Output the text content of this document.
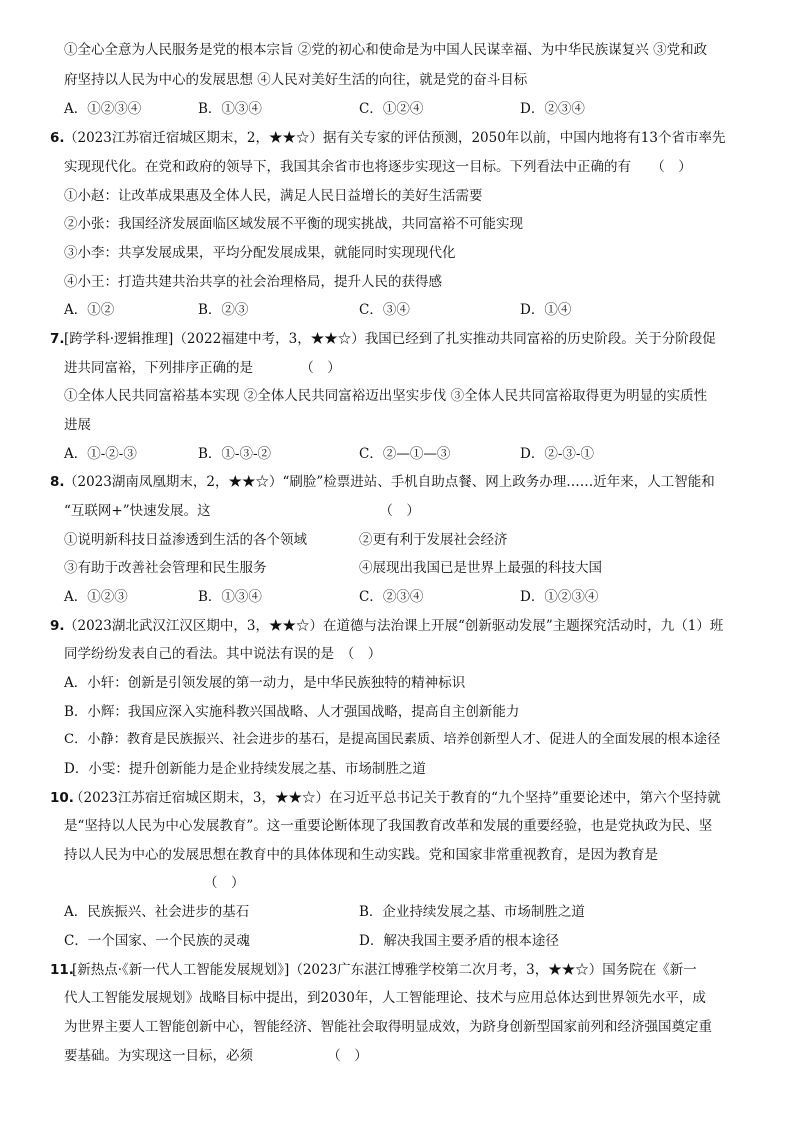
①全心全意为人民服务是党的根本宗旨 ②党的初心和使命是为中国人民谋幸福、为中华民族谋复兴 ③党和政
府坚持以人民为中心的发展思想 ④人民对美好生活的向往，就是党的奋斗目标
A．①②③④	B．①③④	C．①②④	D．②③④
6. （2023江苏宿迁宿城区期末，2，★★☆）据有关专家的评估预测，2050年以前，中国内地将有13个省市率先
实现现代化。在党和政府的领导下，我国其余省市也将逐步实现这一目标。下列看法中正确的有　　（　）
①小赵：让改革成果惠及全体人民，满足人民日益增长的美好生活需要
②小张：我国经济发展面临区域发展不平衡的现实挑战，共同富裕不可能实现
③小李：共享发展成果，平均分配发展成果，就能同时实现现代化
④小王：打造共建共治共享的社会治理格局，提升人民的获得感
A．①②	B．②③	C．③④	D．①④
7. [跨学科·逻辑推理]（2022福建中考，3，★★☆）我国已经到了扎实推动共同富裕的历史阶段。关于分阶段促
进共同富裕，下列排序正确的是　　　　（　）
①全体人民共同富裕基本实现 ②全体人民共同富裕迈出坚实步伐 ③全体人民共同富裕取得更为明显的实质性
进展
A．①-②-③	B．①-③-②	C．②—①—③	D．②-③-①
8. （2023湖南凤凰期末，2，★★☆）“刷脸”检票进站、手机自助点餐、网上政务办理……近年来，人工智能和
“互联网+”快速发展。这　　　　　　　　　　　　　（　）
①说明新科技日益渗透到生活的各个领域	②更有利于发展社会经济
③有助于改善社会管理和民生服务	④展现出我国已是世界上最强的科技大国
A．①②③	B．①③④	C．②③④	D．①②③④
9. （2023湖北武汉江汉区期中，3，★★☆）在道德与法治课上开展“创新驱动发展”主题探究活动时，九（1）班
同学纷纷发表自己的看法。其中说法有误的是　（　）
A．小轩：创新是引领发展的第一动力，是中华民族独特的精神标识
B．小辉：我国应深入实施科教兴国战略、人才强国战略，提高自主创新能力
C．小静：教育是民族振兴、社会进步的基石，是提高国民素质、培养创新型人才、促进人的全面发展的根本途径
D．小雯：提升创新能力是企业持续发展之基、市场制胜之道
10.
（2023江苏宿迁宿城区期末，3，★★☆）在习近平总书记关于教育的“九个坚持”重要论述中，第六个坚持就
是“坚持以人民为中心发展教育”。这一重要论断体现了我国教育改革和发展的重要经验，也是党执政为民、坚
持以人民为中心的发展思想在教育中的具体体现和生动实践。党和国家非常重视教育，是因为教育是
（　）
A．民族振兴、社会进步的基石	B．企业持续发展之基、市场制胜之道
C．一个国家、一个民族的灵魂	D．解决我国主要矛盾的根本途径
11.
[新热点·《新一代人工智能发展规划》]（2023广东湛江博雅学校第二次月考，3，★★☆）国务院在《新一
代人工智能发展规划》战略目标中提出，到2030年，人工智能理论、技术与应用总体达到世界领先水平，成
为世界主要人工智能创新中心，智能经济、智能社会取得明显成效，为跻身创新型国家前列和经济强国奠定重
要基础。为实现这一目标，必须　　　　　　（　）
